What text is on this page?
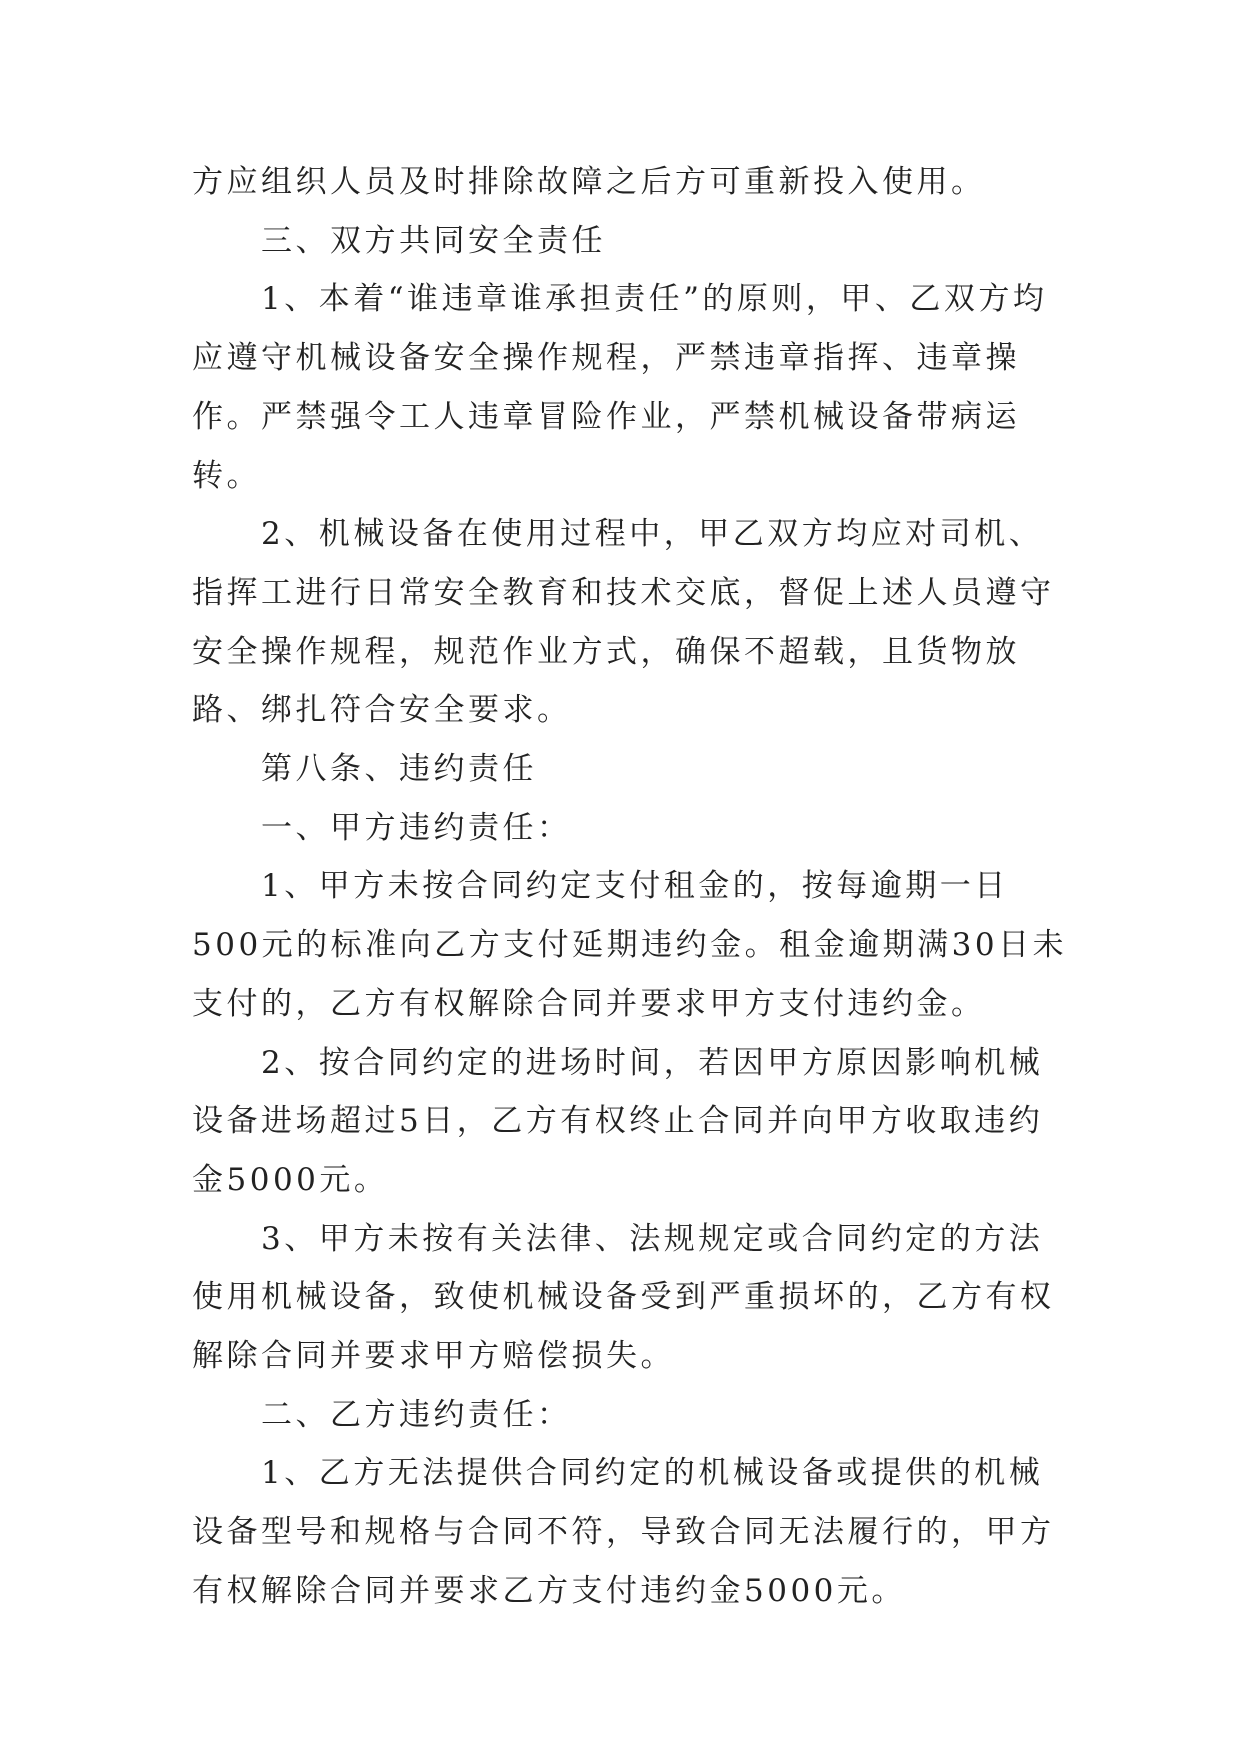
方应组织人员及时排除故障之后方可重新投入使用。

　　三、双方共同安全责任

　　1、本着“谁违章谁承担责任”的原则，甲、乙双方均应遵守机械设备安全操作规程，严禁违章指挥、违章操作。严禁强令工人违章冒险作业，严禁机械设备带病运转。

　　2、机械设备在使用过程中，甲乙双方均应对司机、指挥工进行日常安全教育和技术交底，督促上述人员遵守安全操作规程，规范作业方式，确保不超载，且货物放路、绑扎符合安全要求。

　　第八条、违约责任

　　一、甲方违约责任：

　　1、甲方未按合同约定支付租金的，按每逾期一日500元的标准向乙方支付延期违约金。租金逾期满30日未支付的，乙方有权解除合同并要求甲方支付违约金。

　　2、按合同约定的进场时间，若因甲方原因影响机械设备进场超过5日，乙方有权终止合同并向甲方收取违约金5000元。

　　3、甲方未按有关法律、法规规定或合同约定的方法使用机械设备，致使机械设备受到严重损坏的，乙方有权解除合同并要求甲方赔偿损失。

　　二、乙方违约责任：

　　1、乙方无法提供合同约定的机械设备或提供的机械设备型号和规格与合同不符，导致合同无法履行的，甲方有权解除合同并要求乙方支付违约金5000元。
